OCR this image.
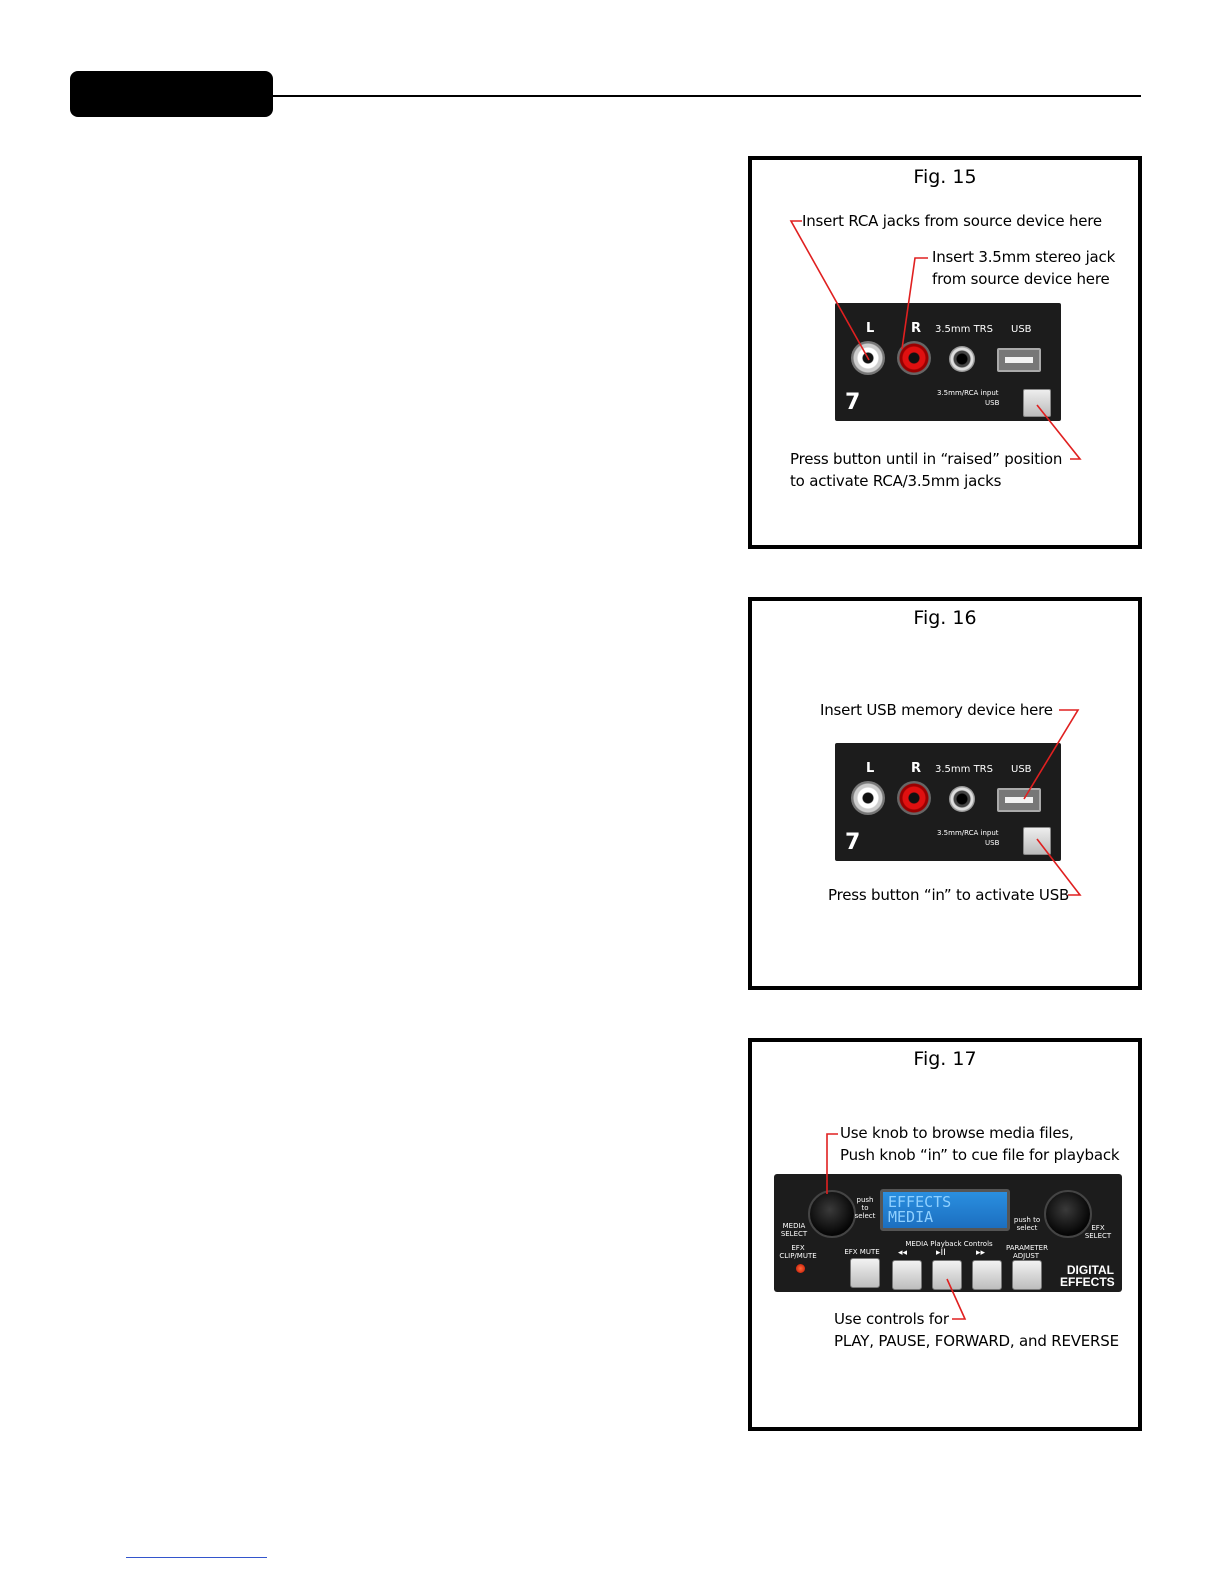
Fig. 15
Insert RCA jacks from source device here
Insert 3.5mm stereo jack
from source device here
L	R 3.5mm TRS USB
7	3.5mm/RCA input
USB
Press button until in “raised” position
to activate RCA/3.5mm jacks
Fig. 16
Insert USB memory device here
L	R 3.5mm TRS USB
7	3.5mm/RCA input
USB
Press button “in” to activate USB
Fig. 17
Use knob to browse media files,
Push knob “in” to cue file for playback
MEDIA SELECT
push to select
EFFECTS
MEDIA	push to select	EFX SELECT
EFX CLIP/MUTE	EFX MUTE
MEDIA Playback Controls
◂◂	▸II	▸▸	PARAMETER ADJUST
DIGITAL
EFFECTS
Use controls for
PLAY, PAUSE, FORWARD, and REVERSE
